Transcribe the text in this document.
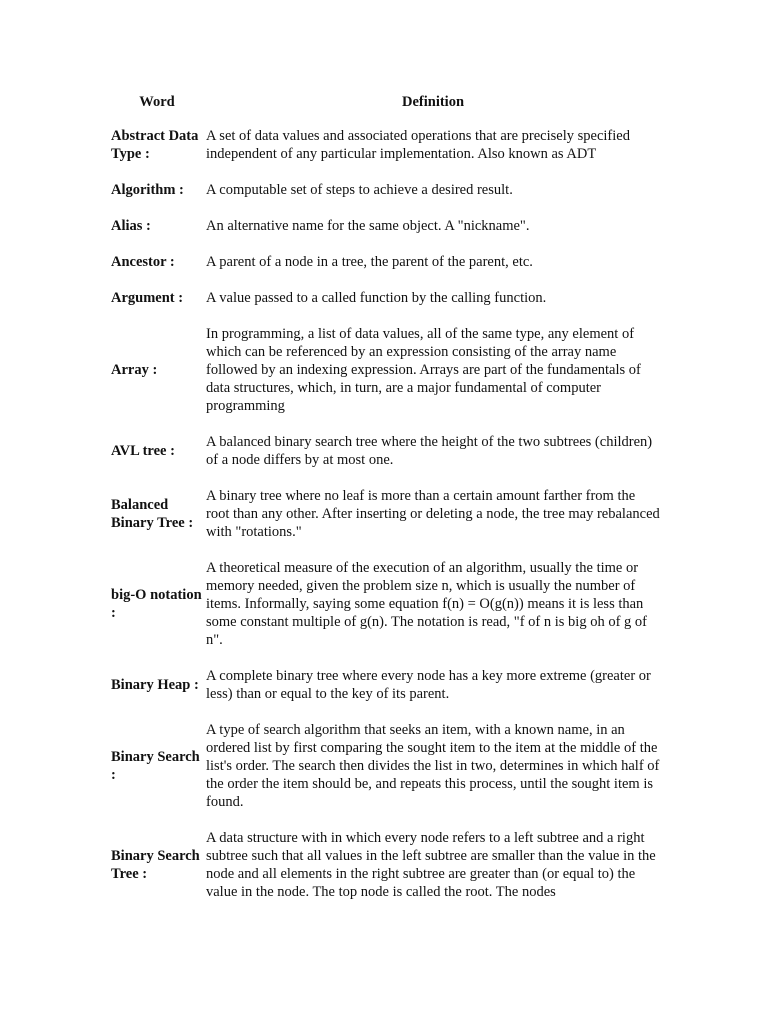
Word	Definition
Abstract Data Type :	A set of data values and associated operations that are precisely specified independent of any particular implementation. Also known as ADT
Algorithm :	A computable set of steps to achieve a desired result.
Alias :	An alternative name for the same object. A "nickname".
Ancestor :	A parent of a node in a tree, the parent of the parent, etc.
Argument :	A value passed to a called function by the calling function.
Array :	In programming, a list of data values, all of the same type, any element of which can be referenced by an expression consisting of the array name followed by an indexing expression. Arrays are part of the fundamentals of data structures, which, in turn, are a major fundamental of computer programming
AVL tree :	A balanced binary search tree where the height of the two subtrees (children) of a node differs by at most one.
Balanced Binary Tree :	A binary tree where no leaf is more than a certain amount farther from the root than any other. After inserting or deleting a node, the tree may rebalanced with "rotations."
big-O notation :	A theoretical measure of the execution of an algorithm, usually the time or memory needed, given the problem size n, which is usually the number of items. Informally, saying some equation f(n) = O(g(n)) means it is less than some constant multiple of g(n). The notation is read, "f of n is big oh of g of n".
Binary Heap :	A complete binary tree where every node has a key more extreme (greater or less) than or equal to the key of its parent.
Binary Search :	A type of search algorithm that seeks an item, with a known name, in an ordered list by first comparing the sought item to the item at the middle of the list's order. The search then divides the list in two, determines in which half of the order the item should be, and repeats this process, until the sought item is found.
Binary Search Tree :	A data structure with in which every node refers to a left subtree and a right subtree such that all values in the left subtree are smaller than the value in the node and all elements in the right subtree are greater than (or equal to) the value in the node. The top node is called the root. The nodes
